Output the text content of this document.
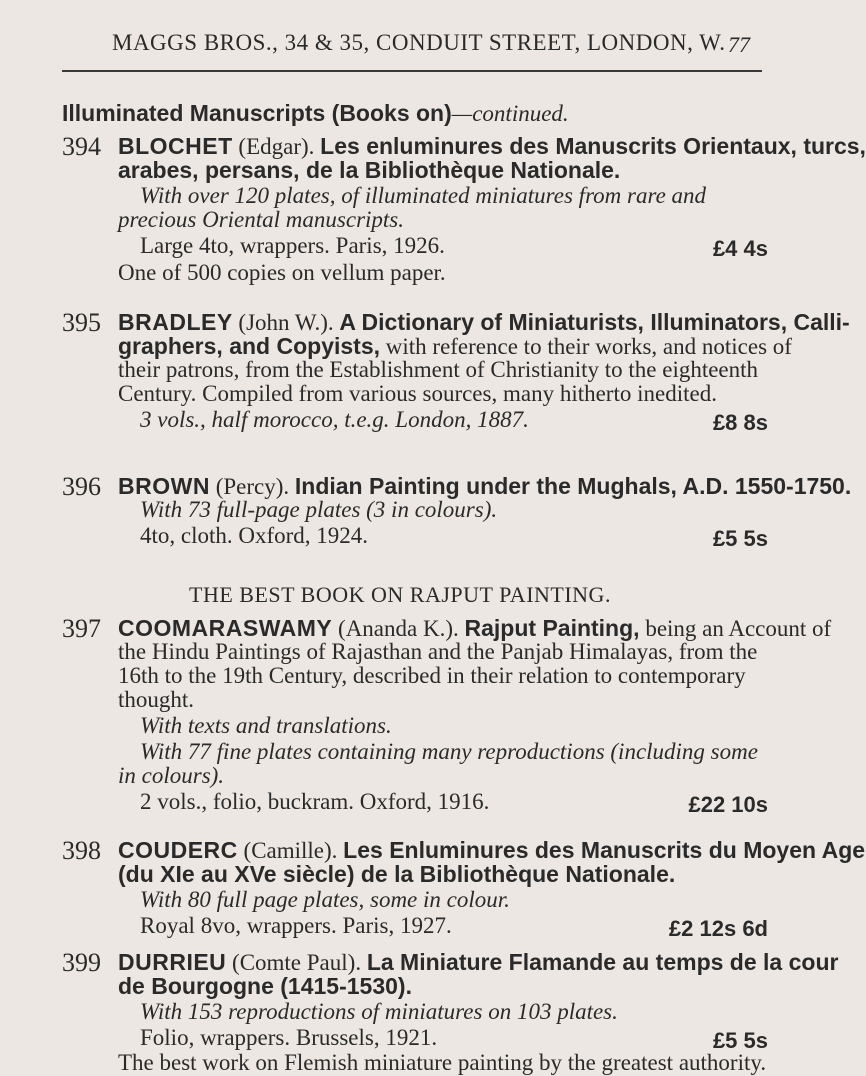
MAGGS BROS., 34 & 35, CONDUIT STREET, LONDON, W. 77
Illuminated Manuscripts (Books on)—continued.
394 BLOCHET (Edgar). Les enluminures des Manuscrits Orientaux, turcs,
arabes, persans, de la Bibliothèque Nationale.
With over 120 plates, of illuminated miniatures from rare and
precious Oriental manuscripts.
Large 4to, wrappers. Paris, 1926.	£4 4s
One of 500 copies on vellum paper.
395 BRADLEY (John W.). A Dictionary of Miniaturists, Illuminators, Calli-
graphers, and Copyists, with reference to their works, and notices of
their patrons, from the Establishment of Christianity to the eighteenth
Century. Compiled from various sources, many hitherto inedited.
3 vols., half morocco, t.e.g. London, 1887.	£8 8s
396 BROWN (Percy). Indian Painting under the Mughals, A.D. 1550-1750.
With 73 full-page plates (3 in colours).
4to, cloth. Oxford, 1924.	£5 5s
THE BEST BOOK ON RAJPUT PAINTING.
397 COOMARASWAMY (Ananda K.). Rajput Painting, being an Account of
the Hindu Paintings of Rajasthan and the Panjab Himalayas, from the
16th to the 19th Century, described in their relation to contemporary
thought.
With texts and translations.
With 77 fine plates containing many reproductions (including some
in colours).
2 vols., folio, buckram. Oxford, 1916.	£22 10s
398 COUDERC (Camille). Les Enluminures des Manuscrits du Moyen Age
(du XIe au XVe siècle) de la Bibliothèque Nationale.
With 80 full page plates, some in colour.
Royal 8vo, wrappers. Paris, 1927.	£2 12s 6d
399 DURRIEU (Comte Paul). La Miniature Flamande au temps de la cour
de Bourgogne (1415-1530).
With 153 reproductions of miniatures on 103 plates.
Folio, wrappers. Brussels, 1921.	£5 5s
The best work on Flemish miniature painting by the greatest authority.
